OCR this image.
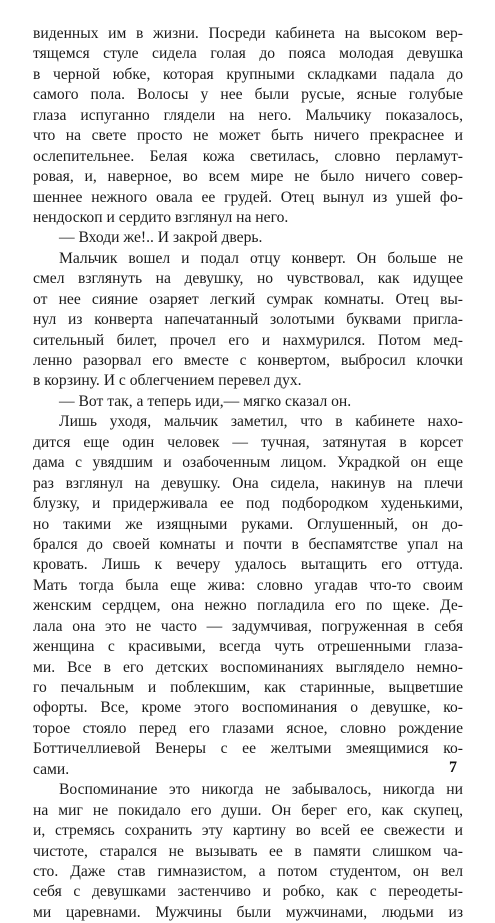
виденных им в жизни. Посреди кабинета на высоком вер-
тящемся стуле сидела голая до пояса молодая девушка
в черной юбке, которая крупными складками падала до
самого пола. Волосы у нее были русые, ясные голубые
глаза испуганно глядели на него. Мальчику показалось,
что на свете просто не может быть ничего прекраснее и
ослепительнее. Белая кожа светилась, словно перламут-
ровая, и, наверное, во всем мире не было ничего совер-
шеннее нежного овала ее грудей. Отец вынул из ушей фо-
нендоскоп и сердито взглянул на него.
— Входи же!.. И закрой дверь.
Мальчик вошел и подал отцу конверт. Он больше не
смел взглянуть на девушку, но чувствовал, как идущее
от нее сияние озаряет легкий сумрак комнаты. Отец вы-
нул из конверта напечатанный золотыми буквами пригла-
сительный билет, прочел его и нахмурился. Потом мед-
ленно разорвал его вместе с конвертом, выбросил клочки
в корзину. И с облегчением перевел дух.
— Вот так, а теперь иди,— мягко сказал он.
Лишь уходя, мальчик заметил, что в кабинете нахо-
дится еще один человек — тучная, затянутая в корсет
дама с увядшим и озабоченным лицом. Украдкой он еще
раз взглянул на девушку. Она сидела, накинув на плечи
блузку, и придерживала ее под подбородком худенькими,
но такими же изящными руками. Оглушенный, он до-
брался до своей комнаты и почти в беспамятстве упал на
кровать. Лишь к вечеру удалось вытащить его оттуда.
Мать тогда была еще жива: словно угадав что-то своим
женским сердцем, она нежно погладила его по щеке. Де-
лала она это не часто — задумчивая, погруженная в себя
женщина с красивыми, всегда чуть отрешенными глаза-
ми. Все в его детских воспоминаниях выглядело немно-
го печальным и поблекшим, как старинные, выцветшие
офорты. Все, кроме этого воспоминания о девушке, ко-
торое стояло перед его глазами ясное, словно рождение
Боттичеллиевой Венеры с ее желтыми змеящимися ко-
сами.
Воспоминание это никогда не забывалось, никогда ни
на миг не покидало его души. Он берег его, как скупец,
и, стремясь сохранить эту картину во всей ее свежести и
чистоте, старался не вызывать ее в памяти слишком ча-
сто. Даже став гимназистом, а потом студентом, он вел
себя с девушками застенчиво и робко, как с переодеты-
ми царевнами. Мужчины были мужчинами, людьми из
7
